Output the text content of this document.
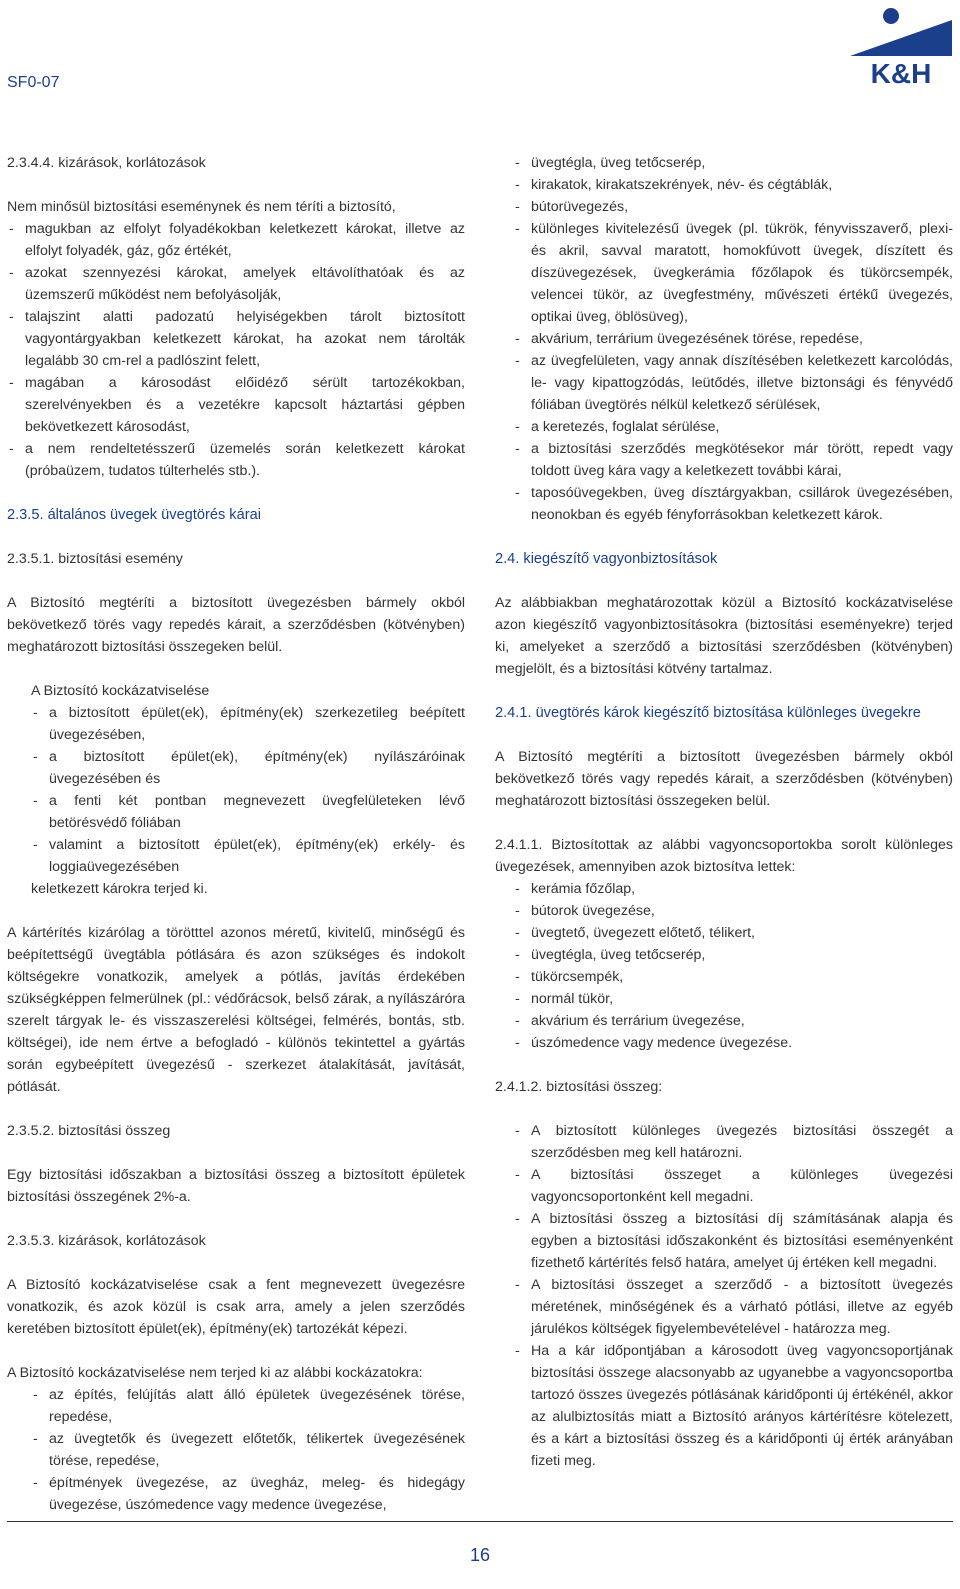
SF0-07	K&H

2.3.4.4. kizárások, korlátozások

Nem minősül biztosítási eseménynek és nem téríti a biztosító,

- magukban az elfolyt folyadékokban keletkezett károkat, illetve az elfolyt folyadék, gáz, gőz értékét,
- azokat szennyezési károkat, amelyek eltávolíthatóak és az üzemszerű működést nem befolyásolják,
- talajszint alatti padozatú helyiségekben tárolt biztosított vagyontárgyakban keletkezett károkat, ha azokat nem tárolták legalább 30 cm-rel a padlószint felett,
- magában a károsodást előidéző sérült tartozékokban, szerelvényekben és a vezetékre kapcsolt háztartási gépben bekövetkezett károsodást,
- a nem rendeltetésszerű üzemelés során keletkezett károkat (próbaüzem, tudatos túlterhelés stb.).

2.3.5. általános üvegek üvegtörés kárai

2.3.5.1. biztosítási esemény

A Biztosító megtéríti a biztosított üvegezésben bármely okból bekövetkező törés vagy repedés kárait, a szerződésben (kötvényben) meghatározott biztosítási összegeken belül.

A Biztosító kockázatviselése

- a biztosított épület(ek), építmény(ek) szerkezetileg beépített üvegezésében,
- a biztosított épület(ek), építmény(ek) nyílászáróinak üvegezésében és
- a fenti két pontban megnevezett üvegfelületeken lévő betörésvédő fóliában
- valamint a biztosított épület(ek), építmény(ek) erkély- és loggiaüvegezésében

keletkezett károkra terjed ki.

A kártérítés kizárólag a törötttel azonos méretű, kivitelű, minőségű és beépítettségű üvegtábla pótlására és azon szükséges és indokolt költségekre vonatkozik, amelyek a pótlás, javítás érdekében szükségképpen felmerülnek (pl.: védőrácsok, belső zárak, a nyílászáróra szerelt tárgyak le- és visszaszerelési költségei, felmérés, bontás, stb. költségei), ide nem értve a befogladó - különös tekintettel a gyártás során egybeépített üvegezésű - szerkezet átalakítását, javítását, pótlását.

2.3.5.2. biztosítási összeg

Egy biztosítási időszakban a biztosítási összeg a biztosított épületek biztosítási összegének 2%-a.

2.3.5.3. kizárások, korlátozások

A Biztosító kockázatviselése csak a fent megnevezett üvegezésre vonatkozik, és azok közül is csak arra, amely a jelen szerződés keretében biztosított épület(ek), építmény(ek) tartozékát képezi.

A Biztosító kockázatviselése nem terjed ki az alábbi kockázatokra:

- az építés, felújítás alatt álló épületek üvegezésének törése, repedése,
- az üvegtetők és üvegezett előtetők, télikertek üvegezésének törése, repedése,
- építmények üvegezése, az üvegház, meleg- és hidegágy üvegezése, úszómedence vagy medence üvegezése,
- üvegtégla, üveg tetőcserép,
- kirakatok, kirakatszekrények, név- és cégtáblák,
- bútorüvegezés,
- különleges kivitelezésű üvegek (pl. tükrök, fényvisszaverő, plexi- és akril, savval maratott, homokfúvott üvegek, díszített és díszüvegezések, üvegkerámia főzőlapok és tükörcsempék, velencei tükör, az üvegfestmény, művészeti értékű üvegezés, optikai üveg, öblösüveg),
- akvárium, terrárium üvegezésének törése, repedése,
- az üvegfelületen, vagy annak díszítésében keletkezett karcolódás, le- vagy kipattogzódás, leütődés, illetve biztonsági és fényvédő fóliában üvegtörés nélkül keletkező sérülések,
- a keretezés, foglalat sérülése,
- a biztosítási szerződés megkötésekor már törött, repedt vagy toldott üveg kára vagy a keletkezett további kárai,
- taposóüvegekben, üveg dísztárgyakban, csillárok üvegezésében, neonokban és egyéb fényforrásokban keletkezett károk.

2.4. kiegészítő vagyonbiztosítások

Az alábbiakban meghatározottak közül a Biztosító kockázatviselése azon kiegészítő vagyonbiztosításokra (biztosítási eseményekre) terjed ki, amelyeket a szerződő a biztosítási szerződésben (kötvényben) megjelölt, és a biztosítási kötvény tartalmaz.

2.4.1. üvegtörés károk kiegészítő biztosítása különleges üvegekre

A Biztosító megtéríti a biztosított üvegezésben bármely okból bekövetkező törés vagy repedés kárait, a szerződésben (kötvényben) meghatározott biztosítási összegeken belül.

2.4.1.1. Biztosítottak az alábbi vagyoncsoportokba sorolt különleges üvegezések, amennyiben azok biztosítva lettek:

- kerámia főzőlap,
- bútorok üvegezése,
- üvegtető, üvegezett előtető, télikert,
- üvegtégla, üveg tetőcserép,
- tükörcsempék,
- normál tükör,
- akvárium és terrárium üvegezése,
- úszómedence vagy medence üvegezése.

2.4.1.2. biztosítási összeg:

- A biztosított különleges üvegezés biztosítási összegét a szerződésben meg kell határozni.
- A biztosítási összeget a különleges üvegezési vagyoncsoportonként kell megadni.
- A biztosítási összeg a biztosítási díj számításának alapja és egyben a biztosítási időszakonként és biztosítási eseményenként fizethető kártérítés felső határa, amelyet új értéken kell megadni.
- A biztosítási összeget a szerződő - a biztosított üvegezés méretének, minőségének és a várható pótlási, illetve az egyéb járulékos költségek figyelembevételével - határozza meg.
- Ha a kár időpontjában a károsodott üveg vagyoncsoportjának biztosítási összege alacsonyabb az ugyanebbe a vagyoncsoportba tartozó összes üvegezés pótlásának káridőponti új értékénél, akkor az alulbiztosítás miatt a Biztosító arányos kártérítésre kötelezett, és a kárt a biztosítási összeg és a káridőponti új érték arányában fizeti meg.
16
